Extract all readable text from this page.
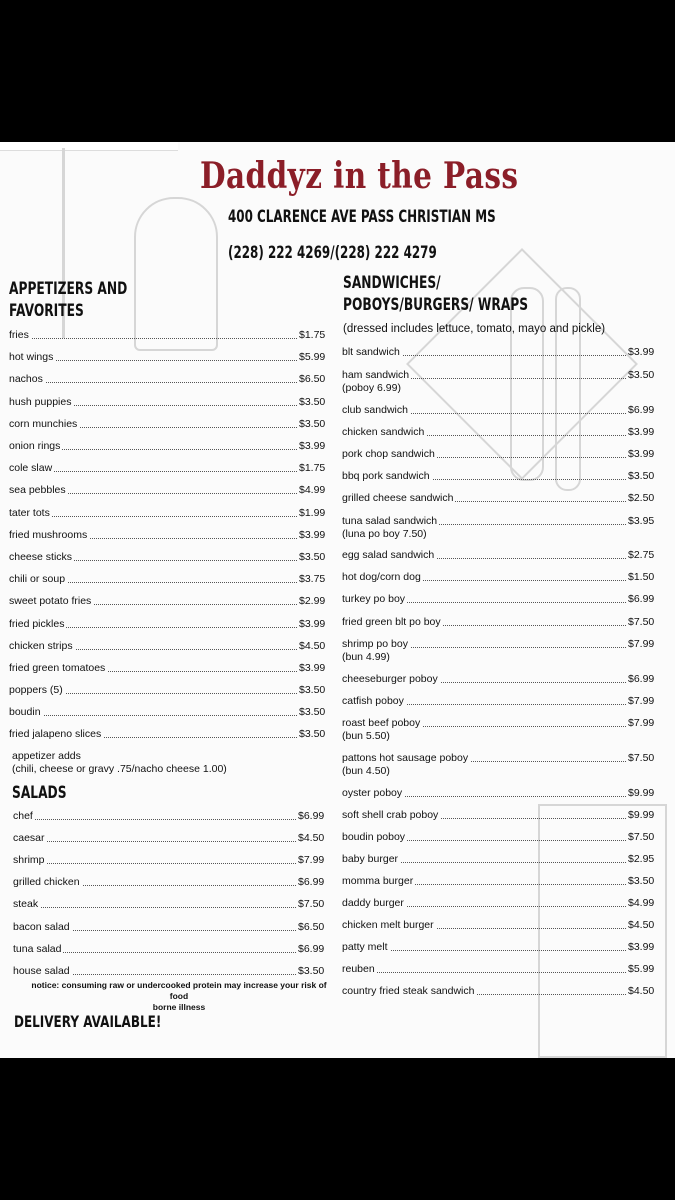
Daddyz in the Pass
400 CLARENCE AVE PASS CHRISTIAN MS
(228) 222 4269/(228) 222 4279
APPETIZERS AND
FAVORITES
fries	$1.75
hot wings	$5.99
nachos	$6.50
hush puppies	$3.50
corn munchies	$3.50
onion rings	$3.99
cole slaw	$1.75
sea pebbles	$4.99
tater tots	$1.99
fried mushrooms	$3.99
cheese sticks	$3.50
chili or soup	$3.75
sweet potato fries	$2.99
fried pickles	$3.99
chicken strips	$4.50
fried green tomatoes	$3.99
poppers (5)	$3.50
boudin	$3.50
fried jalapeno slices	$3.50
appetizer adds
(chili, cheese or gravy .75/nacho cheese 1.00)
SALADS
chef	$6.99
caesar	$4.50
shrimp	$7.99
grilled chicken	$6.99
steak	$7.50
bacon salad	$6.50
tuna salad	$6.99
house salad	$3.50
notice: consuming raw or undercooked protein may increase your risk of food
borne illness
DELIVERY AVAILABLE!
SANDWICHES/
POBOYS/BURGERS/ WRAPS
(dressed includes lettuce, tomato, mayo and pickle)
blt sandwich	$3.99
ham sandwich	$3.50
(poboy 6.99)
club sandwich	$6.99
chicken sandwich	$3.99
pork chop sandwich	$3.99
bbq pork sandwich	$3.50
grilled cheese sandwich	$2.50
tuna salad sandwich	$3.95
(luna po boy 7.50)
egg salad sandwich	$2.75
hot dog/corn dog	$1.50
turkey po boy	$6.99
fried green blt po boy	$7.50
shrimp po boy	$7.99
(bun 4.99)
cheeseburger poboy	$6.99
catfish poboy	$7.99
roast beef poboy	$7.99
(bun 5.50)
pattons hot sausage poboy	$7.50
(bun 4.50)
oyster poboy	$9.99
soft shell crab poboy	$9.99
boudin poboy	$7.50
baby burger	$2.95
momma burger	$3.50
daddy burger	$4.99
chicken melt burger	$4.50
patty melt	$3.99
reuben	$5.99
country fried steak sandwich	$4.50
